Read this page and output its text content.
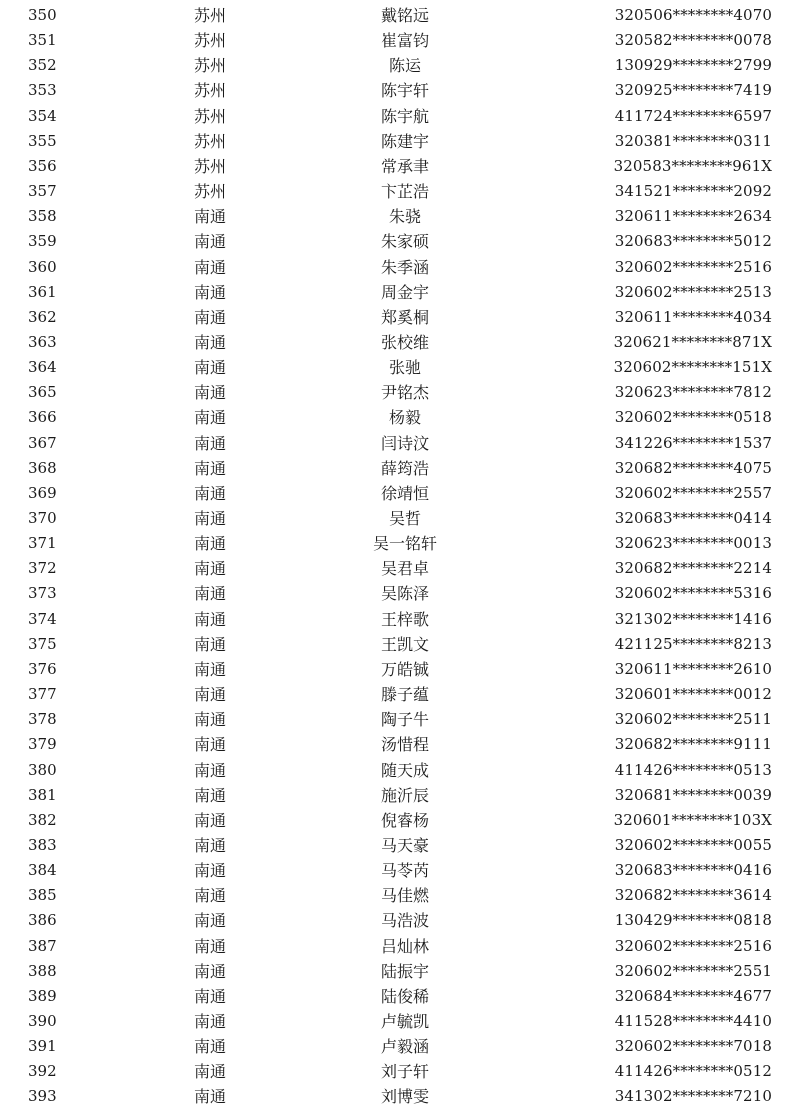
350	苏州	戴铭远	320506********4070
351	苏州	崔富钧	320582********0078
352	苏州	陈运	130929********2799
353	苏州	陈宇轩	320925********7419
354	苏州	陈宇航	411724********6597
355	苏州	陈建宇	320381********0311
356	苏州	常承聿	320583********961X
357	苏州	卞芷浩	341521********2092
358	南通	朱骁	320611********2634
359	南通	朱家硕	320683********5012
360	南通	朱季涵	320602********2516
361	南通	周金宇	320602********2513
362	南通	郑奚桐	320611********4034
363	南通	张校维	320621********871X
364	南通	张驰	320602********151X
365	南通	尹铭杰	320623********7812
366	南通	杨毅	320602********0518
367	南通	闫诗汶	341226********1537
368	南通	薛筠浩	320682********4075
369	南通	徐靖恒	320602********2557
370	南通	吴哲	320683********0414
371	南通	吴一铭轩	320623********0013
372	南通	吴君卓	320682********2214
373	南通	吴陈泽	320602********5316
374	南通	王梓歌	321302********1416
375	南通	王凯文	421125********8213
376	南通	万皓铖	320611********2610
377	南通	滕子蕴	320601********0012
378	南通	陶子牛	320602********2511
379	南通	汤惜程	320682********9111
380	南通	随天成	411426********0513
381	南通	施沂辰	320681********0039
382	南通	倪睿杨	320601********103X
383	南通	马天豪	320602********0055
384	南通	马苓芮	320683********0416
385	南通	马佳燃	320682********3614
386	南通	马浩波	130429********0818
387	南通	吕灿林	320602********2516
388	南通	陆振宇	320602********2551
389	南通	陆俊稀	320684********4677
390	南通	卢毓凯	411528********4410
391	南通	卢毅涵	320602********7018
392	南通	刘子轩	411426********0512
393	南通	刘博雯	341302********7210
